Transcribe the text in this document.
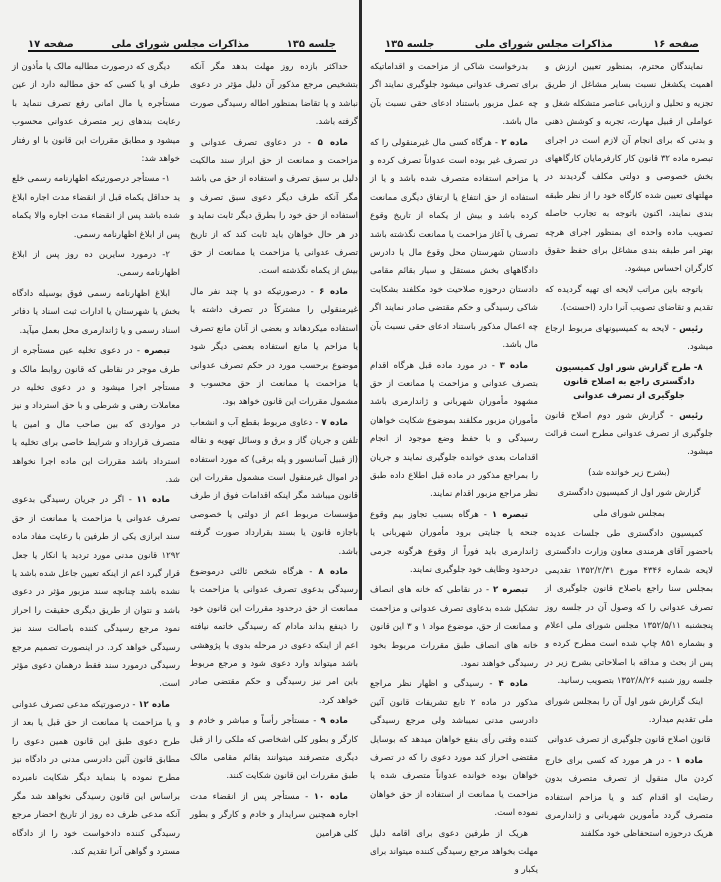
صفحه ۱۷	مذاکرات مجلس شورای ملی	جلسه ۱۳۵

حداکثر بازده روز مهلت بدهد مگر آنکه بتشخیص مرجع مذکور آن دلیل مؤثر در دعوی نباشد و یا تقاضا بمنظور اطاله رسیدگی صورت گرفته باشد.

ماده ۵ - در دعاوی تصرف عدوانی و مزاحمت و ممانعت از حق ابراز سند مالکیت دلیل بر سبق تصرف و استفاده از حق می باشد مگر آنکه طرف دیگر دعوی سبق تصرف و استفاده از حق خود را بطرق دیگر ثابت نماید و در هر حال خواهان باید ثابت کند که از تاریخ تصرف عدوانی یا مزاحمت یا ممانعت از حق بیش از یکماه نگذشته است.

ماده ۶ - درصورتیکه دو یا چند نفر مال غیرمنقولی را مشترکاً در تصرف داشته یا استفاده میکردهاند و بعضی از آنان مانع تصرف یا مزاحم یا مانع استفاده بعضی دیگر شود موضوع برحسب مورد در حکم تصرف عدوانی یا مزاحمت یا ممانعت از حق محسوب و مشمول مقررات این قانون خواهد بود.

ماده ۷ - دعاوی مربوط بقطع آب و انشعاب تلفن و جریان گاز و برق و وسائل تهویه و نقاله (از قبیل آسانسور و پله برقی) که مورد استفاده در اموال غیرمنقول است مشمول مقررات این قانون میباشد مگر اینکه اقدامات فوق از طرف مؤسسات مربوط اعم از دولتی یا خصوصی باجازه قانون یا بسند بقرارداد صورت گرفته باشد.

ماده ۸ - هرگاه شخص ثالثی درموضوع رسیدگی بدعوی تصرف عدوانی یا مزاحمت یا ممانعت از حق درحدود مقررات این قانون خود را ذینفع بداند مادام که رسیدگی خاتمه نیافته اعم از اینکه دعوی در مرحله بدوی یا پژوهشی باشد میتواند وارد دعوی شود و مرجع مربوط باین امر نیز رسیدگی و حکم مقتضی صادر خواهد کرد.

ماده ۹ - مستأجر رأساً و مباشر و خادم و کارگر و بطور کلی اشخاصی که ملکی را از قبل دیگری متصرفند میتوانند بقائم مقامی مالک طبق مقررات این قانون شکایت کنند.

ماده ۱۰ - مستأجر پس از انقضاء مدت اجاره همچنین سرایدار و خادم و کارگر و بطور کلی هرامین

دیگری که درصورت مطالبه مالک یا مأذون از طرف او یا کسی که حق مطالبه دارد از عین مستأجره یا مال امانی رفع تصرف ننماید با رعایت بندهای زیر متصرف عدوانی محسوب میشود و مطابق مقررات این قانون با او رفتار خواهد شد:

۱- مستأجر درصورتیکه اظهارنامه رسمی خلع ید حداقل یکماه قبل از انقضاء مدت اجاره ابلاغ شده باشد پس از انقضاء مدت اجاره والا یکماه پس از ابلاغ اظهارنامه رسمی.

۲- درمورد سایرین ده روز پس از ابلاغ اظهارنامه رسمی.

ابلاغ اظهارنامه رسمی فوق بوسیله دادگاه بخش یا شهرستان یا ادارات ثبت اسناد یا دفاتر اسناد رسمی و یا ژاندارمری محل بعمل میآید.

تبصره - در دعوی تخلیه عین مستأجره از طرف موجر در نقاطی که قانون روابط مالک و مستأجر اجرا میشود و در دعوی تخلیه در معاملات رهنی و شرطی و با حق استرداد و نیز در مواردی که بین صاحب مال و امین یا متصرف قرارداد و شرایط خاصی برای تخلیه یا استرداد باشد مقررات این ماده اجرا نخواهد شد.

ماده ۱۱ - اگر در جریان رسیدگی بدعوی تصرف عدوانی یا مزاحمت یا ممانعت از حق سند ابرازی یکی از طرفین با رعایت مفاد ماده ۱۲۹۲ قانون مدنی مورد تردید یا انکار یا جعل قرار گیرد اعم از اینکه تعیین جاعل شده باشد یا نشده باشد چنانچه سند مزبور مؤثر در دعوی باشد و نتوان از طریق دیگری حقیقت را احراز نمود مرجع رسیدگی کننده باصالت سند نیز رسیدگی خواهد کرد. در اینصورت تصمیم مرجع رسیدگی درمورد سند فقط درهمان دعوی مؤثر است.

ماده ۱۲ - درصورتیکه مدعی تصرف عدوانی و یا مزاحمت یا ممانعت از حق قبل یا بعد از طرح دعوی طبق این قانون همین دعوی را مطابق قانون آئین دادرسی مدنی در دادگاه نیز مطرح نموده یا بنماید دیگر شکایت نامبرده براساس این قانون رسیدگی نخواهد شد مگر آنکه مدعی ظرف ده روز از تاریخ احضار مرجع رسیدگی کننده دادخواست خود را از دادگاه مسترد و گواهی آنرا تقدیم کند.

جلسه ۱۳۵	مذاکرات مجلس شورای ملی	صفحه ۱۶

نمایندگان محترم، بمنظور تعیین ارزش و اهمیت یکشغل نسبت بسایر مشاغل از طریق تجزیه و تحلیل و ارزیابی عناصر متشکله شغل و عواملی از قبیل مهارت، تجربه و کوشش ذهنی و بدنی که برای انجام آن لازم است در اجرای تبصره ماده ۳۲ قانون کار کارفرمایان کارگاههای بخش خصوصی و دولتی مکلف گردیدند در مهلتهای تعیین شده کارگاه خود را از نظر طبقه بندی نمایند، اکنون باتوجه به تجارب حاصله تصویب ماده واحده ای بمنظور اجرای هرچه بهتر امر طبقه بندی مشاغل برای حفظ حقوق کارگران احساس میشود.

باتوجه باین مراتب لایحه ای تهیه گردیده که تقدیم و تقاضای تصویب آنرا دارد (احسنت).

رئیس - لایحه به کمیسیونهای مربوط ارجاع میشود.

۸- طرح گزارش شور اول کمیسیون دادگستری راجع به اصلاح قانون جلوگیری از تصرف عدوانی

رئیس - گزارش شور دوم اصلاح قانون جلوگیری از تصرف عدوانی مطرح است قرائت میشود.

(بشرح زیر خوانده شد)

گزارش شور اول از کمیسیون دادگستری

بمجلس شورای ملی

کمیسیون دادگستری طی جلسات عدیده باحضور آقای هرمندی معاون وزارت دادگستری لایحه شماره ۴۳۴۶ مورخ ۱۳۵۲/۲/۳۱ تقدیمی بمجلس سنا راجع باصلاح قانون جلوگیری از تصرف عدوانی را که وصول آن در جلسه روز پنجشنبه ۱۳۵۲/۵/۱۱ مجلس شورای ملی اعلام و بشماره ۸۵۱ چاپ شده است مطرح کرده و پس از بحث و مداقه با اصلاحاتی بشرح زیر در جلسه روز شنبه ۱۳۵۲/۸/۲۶ بتصویب رسانید.

اینک گزارش شور اول آن را بمجلس شورای ملی تقدیم میدارد.

قانون اصلاح قانون جلوگیری از تصرف عدوانی

ماده ۱ - در هر مورد که کسی برای خارج کردن مال منقول از تصرف متصرف بدون رضایت او اقدام کند و یا مزاحم استفاده متصرف گردد مأمورین شهربانی و ژاندارمری هریک درحوزه استحفاظی خود مکلفند

بدرخواست شاکی از مزاحمت و اقداماتیکه برای تصرف عدوانی میشود جلوگیری نمایند اگر چه عمل مزبور باستناد ادعای حقی نسبت بآن مال باشد.

ماده ۲ - هرگاه کسی مال غیرمنقولی را که در تصرف غیر بوده است عدواناً تصرف کرده و یا مزاحم استفاده متصرف شده باشد و یا از استفاده از حق انتفاع یا ارتفاق دیگری ممانعت کرده باشد و بیش از یکماه از تاریخ وقوع تصرف یا آغاز مزاحمت یا ممانعت نگذشته باشد دادستان شهرستان محل وقوع مال یا دادرس دادگاههای بخش مستقل و سیار بقائم مقامی دادستان درحوزه صلاحیت خود مکلفند بشکایت شاکی رسیدگی و حکم مقتضی صادر نمایند اگر چه اعمال مذکور باستناد ادعای حقی نسبت بآن مال باشد.

ماده ۳ - در مورد ماده قبل هرگاه اقدام بتصرف عدوانی و مزاحمت یا ممانعت از حق مشهود مأموران شهربانی و ژاندارمری باشد مأموران مزبور مکلفند بموضوع شکایت خواهان رسیدگی و با حفظ وضع موجود از انجام اقدامات بعدی خوانده جلوگیری نمایند و جریان را بمراجع مذکور در ماده قبل اطلاع داده طبق نظر مراجع مزبور اقدام نمایند.

تبصره ۱ - هرگاه بسبب تجاوز بیم وقوع جنحه یا جنایتی برود مأموران شهربانی یا ژاندارمری باید فوراً از وقوع هرگونه جرمی درحدود وظایف خود جلوگیری نمایند.

تبصره ۲ - در نقاطی که خانه های انصاف تشکیل شده بدعاوی تصرف عدوانی و مزاحمت و ممانعت از حق، موضوع مواد ۱ و ۳ این قانون خانه های انصاف طبق مقررات مربوط بخود رسیدگی خواهند نمود.

ماده ۴ - رسیدگی و اظهار نظر مراجع مذکور در ماده ۲ تابع تشریفات قانون آئین دادرسی مدنی نمیباشد ولی مرجع رسیدگی کننده وقتی رأی بنفع خواهان میدهد که بوسایل مقتضی احراز کند مورد دعوی را که در تصرف خواهان بوده خوانده عدواناً متصرف شده یا مزاحمت یا ممانعت از استفاده از حق خواهان نموده است.

هریک از طرفین دعوی برای اقامه دلیل مهلت بخواهد مرجع رسیدگی کننده میتواند برای یکبار و
